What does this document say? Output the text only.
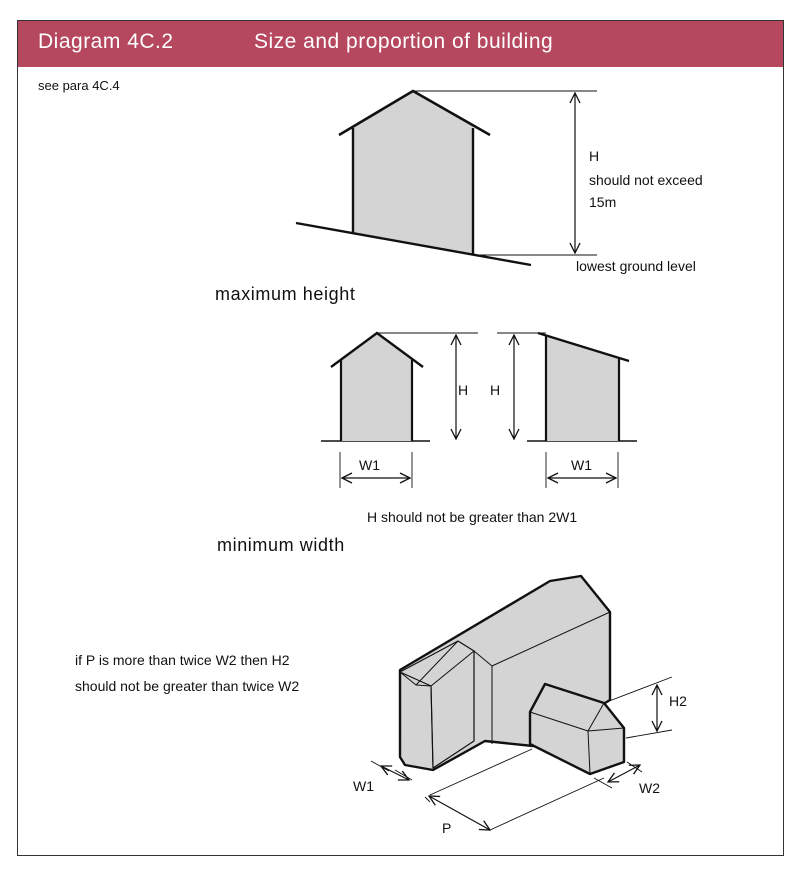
Diagram 4C.2	Size and proportion of building
see para 4C.4
H
should not exceed
15m
lowest ground level
maximum height
H H
W1	W1
H should not be greater than 2W1
minimum width
if P is more than twice W2 then H2
should not be greater than twice W2
H2
W1	W2
P
